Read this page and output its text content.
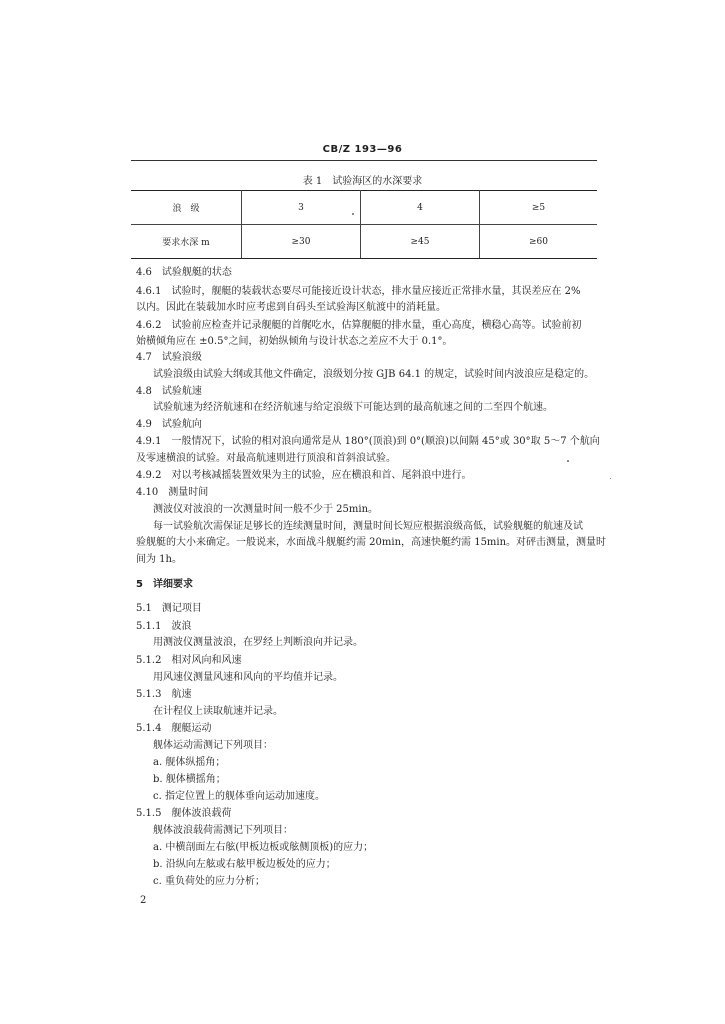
CB/Z 193—96
表 1　试验海区的水深要求
浪　级	3	4	≥5
要求水深 m	≥30	≥45	≥60
4.6　试验舰艇的状态
4.6.1　试验时，舰艇的装载状态要尽可能接近设计状态，排水量应接近正常排水量，其误差应在 2%
以内。因此在装载加水时应考虑到自码头至试验海区航渡中的消耗量。
4.6.2　试验前应检查并记录舰艇的首艉吃水，估算舰艇的排水量，重心高度，横稳心高等。试验前初
始横倾角应在 ±0.5°之间，初始纵倾角与设计状态之差应不大于 0.1°。
4.7　试验浪级
试验浪级由试验大纲或其他文件确定，浪级划分按 GJB 64.1 的规定，试验时间内波浪应是稳定的。
4.8　试验航速
试验航速为经济航速和在经济航速与给定浪级下可能达到的最高航速之间的二至四个航速。
4.9　试验航向
4.9.1　一般情况下，试验的相对浪向通常是从 180°(顶浪)到 0°(顺浪)以间隔 45°或 30°取 5～7 个航向
及零速横浪的试验。对最高航速则进行顶浪和首斜浪试验。
4.9.2　对以考核减摇装置效果为主的试验，应在横浪和首、尾斜浪中进行。
4.10　测量时间
测波仪对波浪的一次测量时间一般不少于 25min。
每一试验航次需保证足够长的连续测量时间，测量时间长短应根据浪级高低，试验舰艇的航速及试
验舰艇的大小来确定。一般说来，水面战斗舰艇约需 20min，高速快艇约需 15min。对砰击测量，测量时
间为 1h。
5　详细要求
5.1　测记项目
5.1.1　波浪
用测波仪测量波浪，在罗经上判断浪向并记录。
5.1.2　相对风向和风速
用风速仪测量风速和风向的平均值并记录。
5.1.3　航速
在计程仪上读取航速并记录。
5.1.4　舰艇运动
舰体运动需测记下列项目：
a. 舰体纵摇角；
b. 舰体横摇角；
c. 指定位置上的舰体垂向运动加速度。
5.1.5　舰体波浪载荷
舰体波浪载荷需测记下列项目：
a. 中横剖面左右舷(甲板边板或舷侧顶板)的应力；
b. 沿纵向左舷或右舷甲板边板处的应力；
c. 重负荷处的应力分析；
2
